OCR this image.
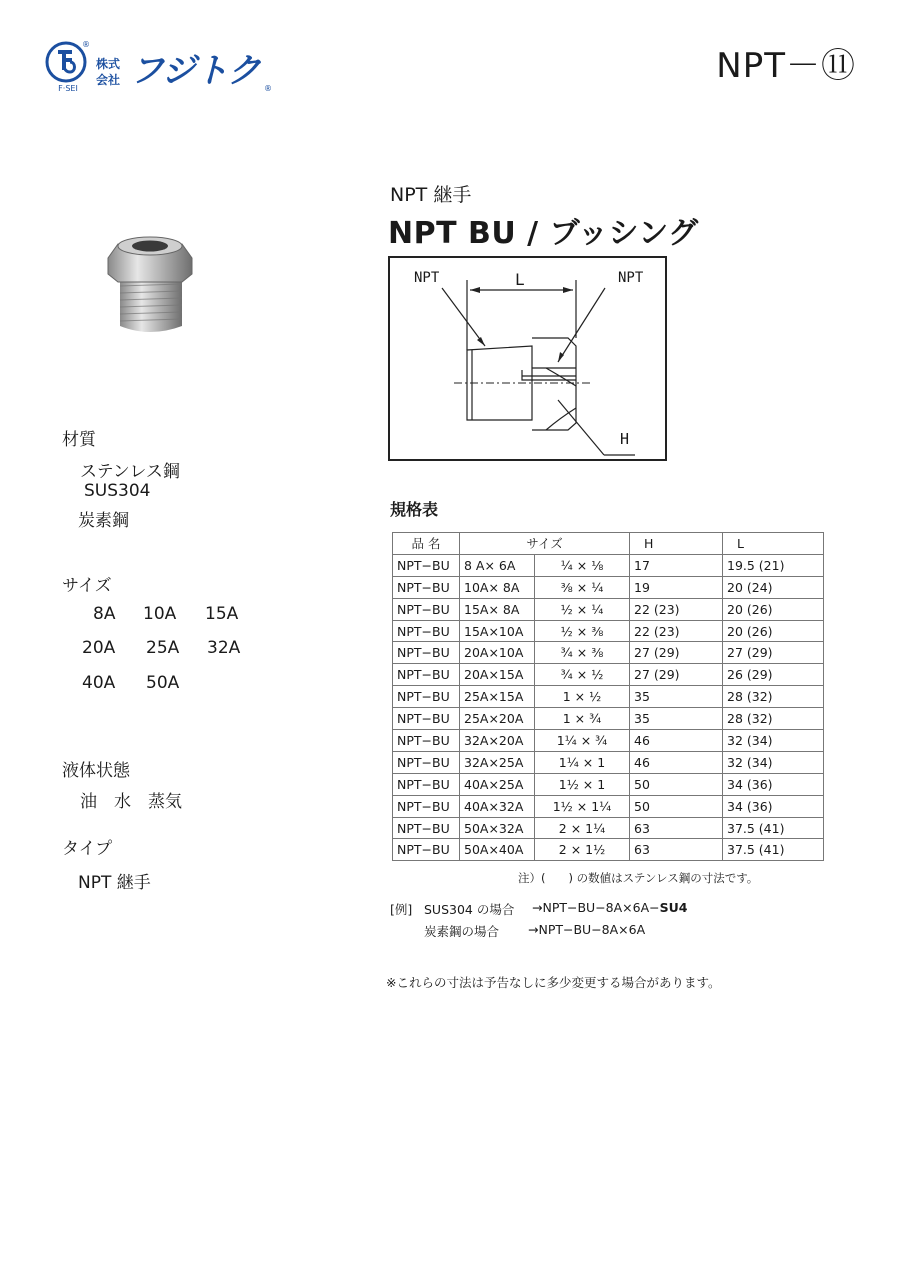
®
F·SEI
株式
会社 フジトク ®
NPT－⑪
材質
ステンレス鋼
SUS304
炭素鋼
サイズ
8A 10A 15A
20A 25A 32A
40A 50A
液体状態
油　水　蒸気
タイプ
NPT 継手
NPT 継手
NPT BU / ブッシング
NPT	NPT
L
H
規格表
品 名	サイズ		H	L
NPT−BU	8 A× 6A	¼ × ⅛	17	19.5 (21)
NPT−BU	10A× 8A	⅜ × ¼	19	20 (24)
NPT−BU	15A× 8A	½ × ¼	22 (23)	20 (26)
NPT−BU	15A×10A	½ × ⅜	22 (23)	20 (26)
NPT−BU	20A×10A	¾ × ⅜	27 (29)	27 (29)
NPT−BU	20A×15A	¾ × ½	27 (29)	26 (29)
NPT−BU	25A×15A	1 × ½	35	28 (32)
NPT−BU	25A×20A	1 × ¾	35	28 (32)
NPT−BU	32A×20A	1¼ × ¾	46	32 (34)
NPT−BU	32A×25A	1¼ × 1	46	32 (34)
NPT−BU	40A×25A	1½ × 1	50	34 (36)
NPT−BU	40A×32A	1½ × 1¼	50	34 (36)
NPT−BU	50A×32A	2 × 1¼	63	37.5 (41)
NPT−BU	50A×40A	2 × 1½	63	37.5 (41)
注）(　　) の数値はステンレス鋼の寸法です。
[例] SUS304 の場合 →NPT−BU−8A×6A−SU4
炭素鋼の場合 →NPT−BU−8A×6A
※これらの寸法は予告なしに多少変更する場合があります。
